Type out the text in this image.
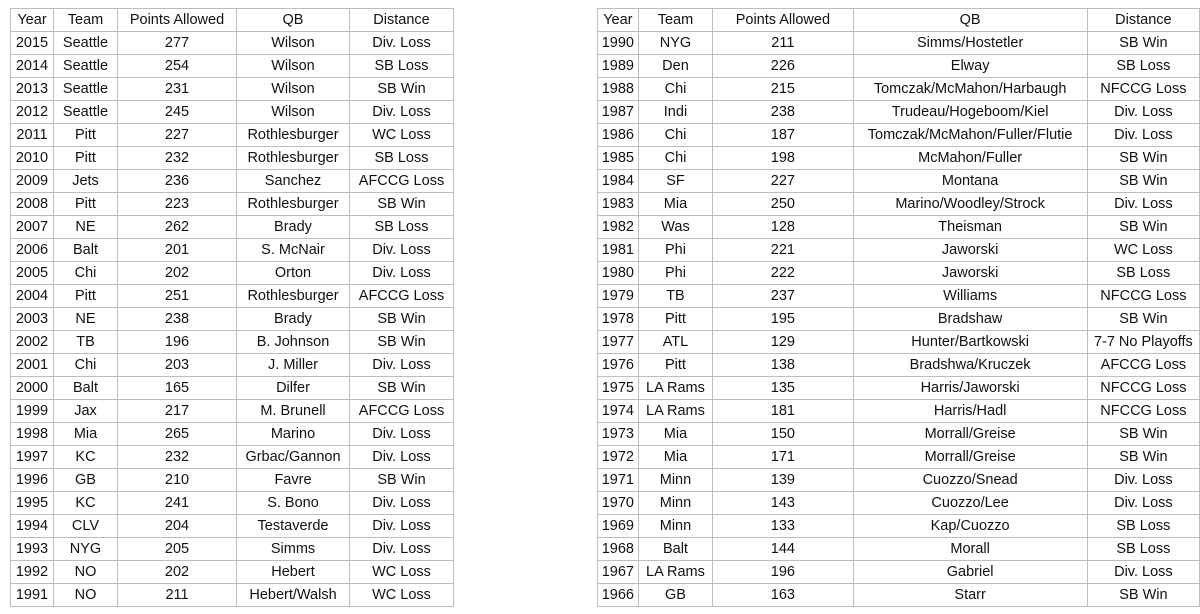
Year	Team	Points Allowed	QB	Distance
2015	Seattle	277	Wilson	Div. Loss
2014	Seattle	254	Wilson	SB Loss
2013	Seattle	231	Wilson	SB Win
2012	Seattle	245	Wilson	Div. Loss
2011	Pitt	227	Rothlesburger	WC Loss
2010	Pitt	232	Rothlesburger	SB Loss
2009	Jets	236	Sanchez	AFCCG Loss
2008	Pitt	223	Rothlesburger	SB Win
2007	NE	262	Brady	SB Loss
2006	Balt	201	S. McNair	Div. Loss
2005	Chi	202	Orton	Div. Loss
2004	Pitt	251	Rothlesburger	AFCCG Loss
2003	NE	238	Brady	SB Win
2002	TB	196	B. Johnson	SB Win
2001	Chi	203	J. Miller	Div. Loss
2000	Balt	165	Dilfer	SB Win
1999	Jax	217	M. Brunell	AFCCG Loss
1998	Mia	265	Marino	Div. Loss
1997	KC	232	Grbac/Gannon	Div. Loss
1996	GB	210	Favre	SB Win
1995	KC	241	S. Bono	Div. Loss
1994	CLV	204	Testaverde	Div. Loss
1993	NYG	205	Simms	Div. Loss
1992	NO	202	Hebert	WC Loss
1991	NO	211	Hebert/Walsh	WC Loss
Year	Team	Points Allowed	QB	Distance
1990	NYG	211	Simms/Hostetler	SB Win
1989	Den	226	Elway	SB Loss
1988	Chi	215	Tomczak/McMahon/Harbaugh	NFCCG Loss
1987	Indi	238	Trudeau/Hogeboom/Kiel	Div. Loss
1986	Chi	187	Tomczak/McMahon/Fuller/Flutie	Div. Loss
1985	Chi	198	McMahon/Fuller	SB Win
1984	SF	227	Montana	SB Win
1983	Mia	250	Marino/Woodley/Strock	Div. Loss
1982	Was	128	Theisman	SB Win
1981	Phi	221	Jaworski	WC Loss
1980	Phi	222	Jaworski	SB Loss
1979	TB	237	Williams	NFCCG Loss
1978	Pitt	195	Bradshaw	SB Win
1977	ATL	129	Hunter/Bartkowski	7-7 No Playoffs
1976	Pitt	138	Bradshwa/Kruczek	AFCCG Loss
1975	LA Rams	135	Harris/Jaworski	NFCCG Loss
1974	LA Rams	181	Harris/Hadl	NFCCG Loss
1973	Mia	150	Morrall/Greise	SB Win
1972	Mia	171	Morrall/Greise	SB Win
1971	Minn	139	Cuozzo/Snead	Div. Loss
1970	Minn	143	Cuozzo/Lee	Div. Loss
1969	Minn	133	Kap/Cuozzo	SB Loss
1968	Balt	144	Morall	SB Loss
1967	LA Rams	196	Gabriel	Div. Loss
1966	GB	163	Starr	SB Win
